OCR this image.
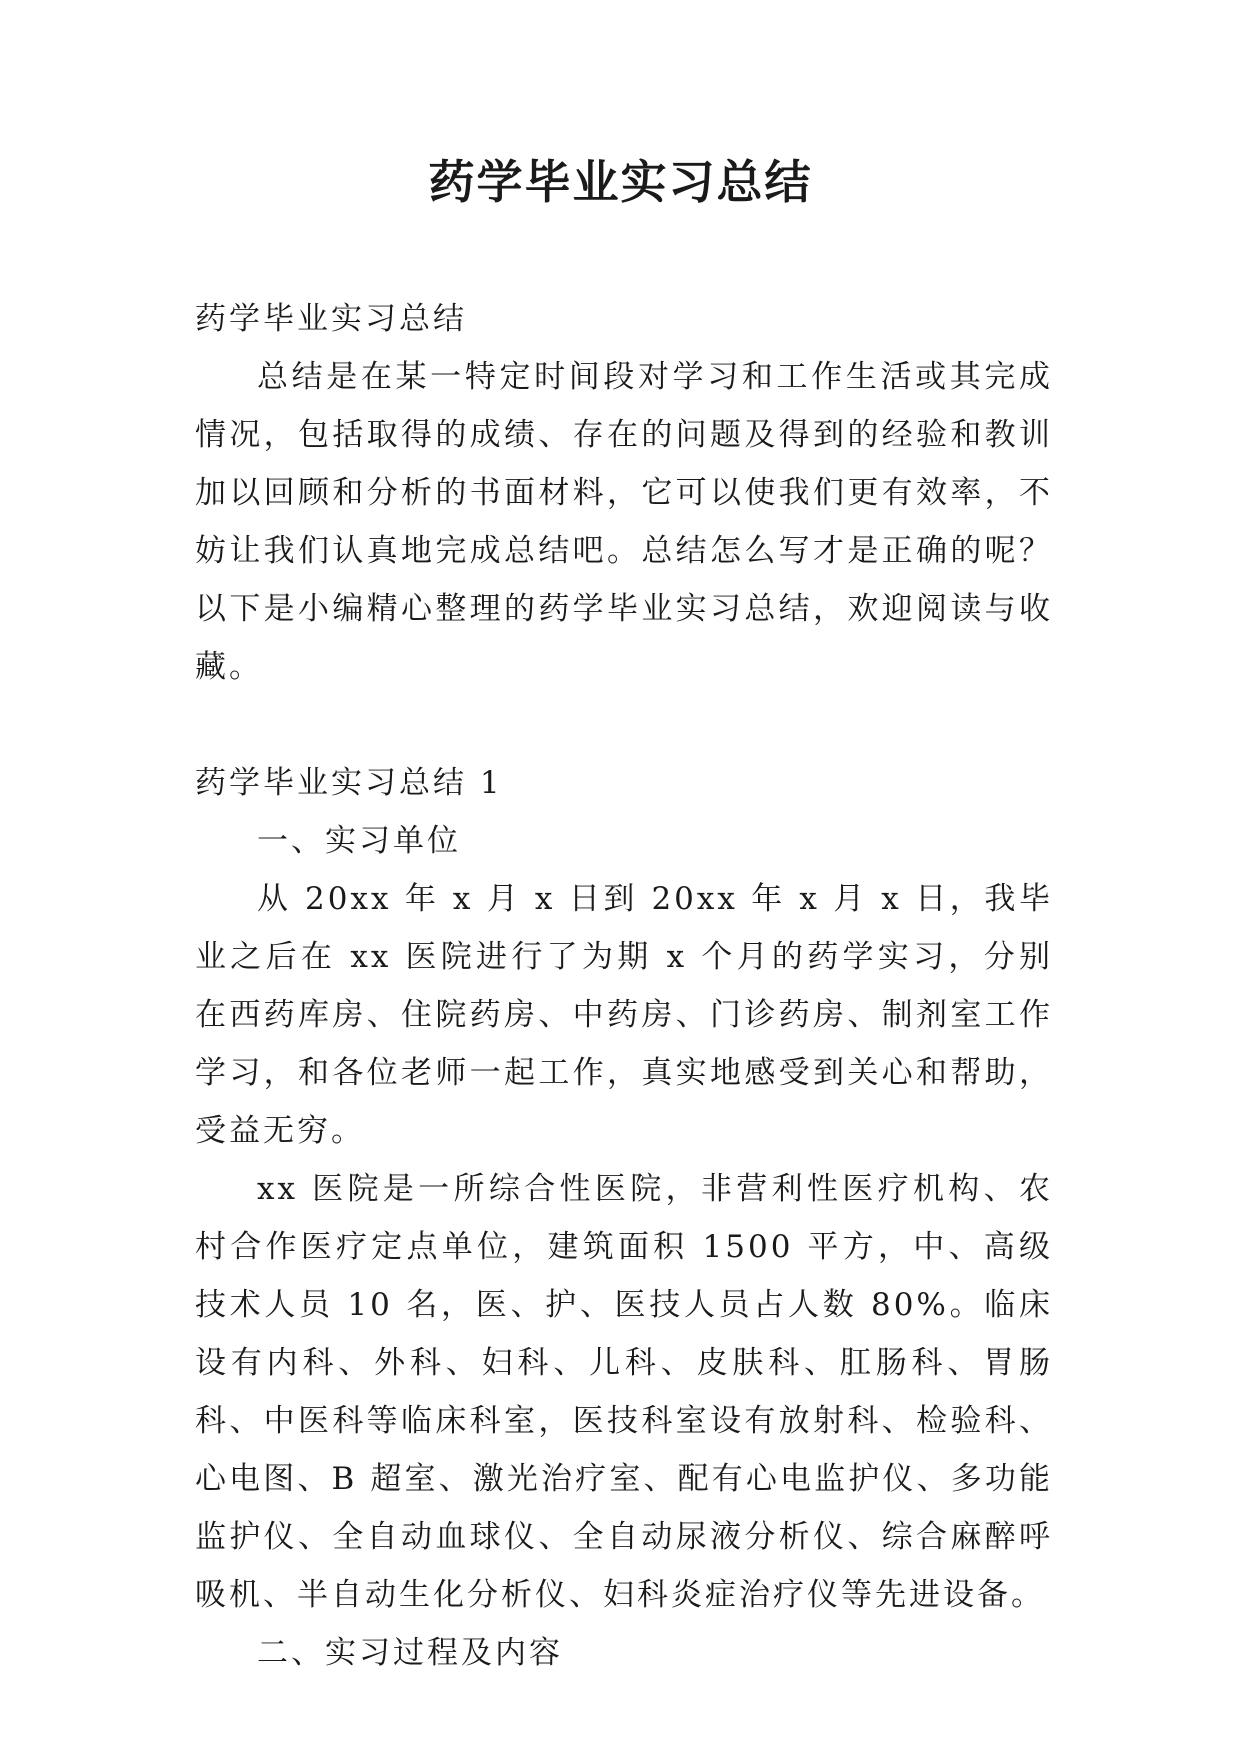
药学毕业实习总结

药学毕业实习总结

总结是在某一特定时间段对学习和工作生活或其完成情况，包括取得的成绩、存在的问题及得到的经验和教训加以回顾和分析的书面材料，它可以使我们更有效率，不妨让我们认真地完成总结吧。总结怎么写才是正确的呢？以下是小编精心整理的药学毕业实习总结，欢迎阅读与收藏。

药学毕业实习总结 1

一、实习单位

从 20xx 年 x 月 x 日到 20xx 年 x 月 x 日，我毕业之后在 xx 医院进行了为期 x 个月的药学实习，分别在西药库房、住院药房、中药房、门诊药房、制剂室工作学习，和各位老师一起工作，真实地感受到关心和帮助，受益无穷。

xx 医院是一所综合性医院，非营利性医疗机构、农村合作医疗定点单位，建筑面积 1500 平方，中、高级技术人员 10 名，医、护、医技人员占人数 80%。临床设有内科、外科、妇科、儿科、皮肤科、肛肠科、胃肠科、中医科等临床科室，医技科室设有放射科、检验科、心电图、B 超室、激光治疗室、配有心电监护仪、多功能监护仪、全自动血球仪、全自动尿液分析仪、综合麻醉呼吸机、半自动生化分析仪、妇科炎症治疗仪等先进设备。

二、实习过程及内容
